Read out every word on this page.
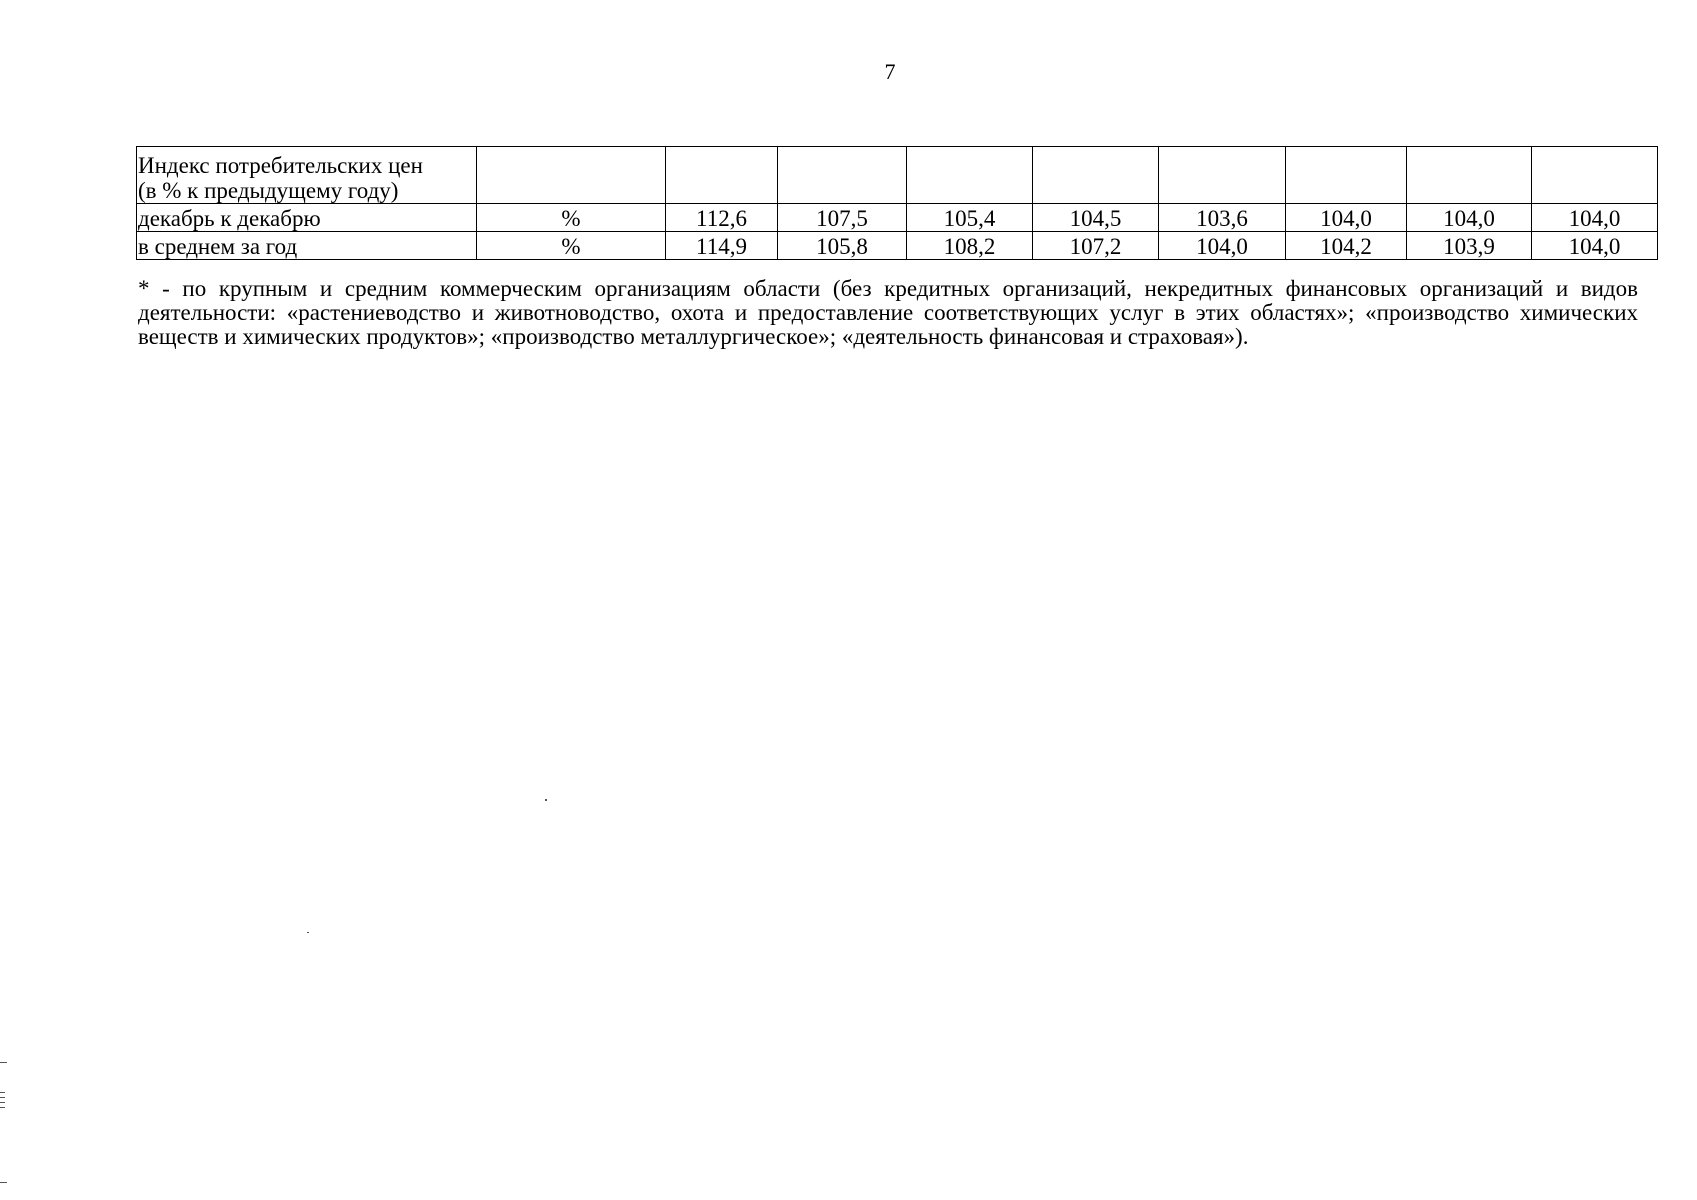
7
Индекс потребительских цен
(в % к предыдущему году)									
декабрь к декабрю	%	112,6	107,5	105,4	104,5	103,6	104,0	104,0	104,0
в среднем за год	%	114,9	105,8	108,2	107,2	104,0	104,2	103,9	104,0
* - по крупным и средним коммерческим организациям области (без кредитных организаций, некредитных финансовых организаций и видов деятельности: «растениеводство и животноводство, охота и предоставление соответствующих услуг в этих областях»; «производство химических веществ и химических продуктов»; «производство металлургическое»; «деятельность финансовая и страховая»).
